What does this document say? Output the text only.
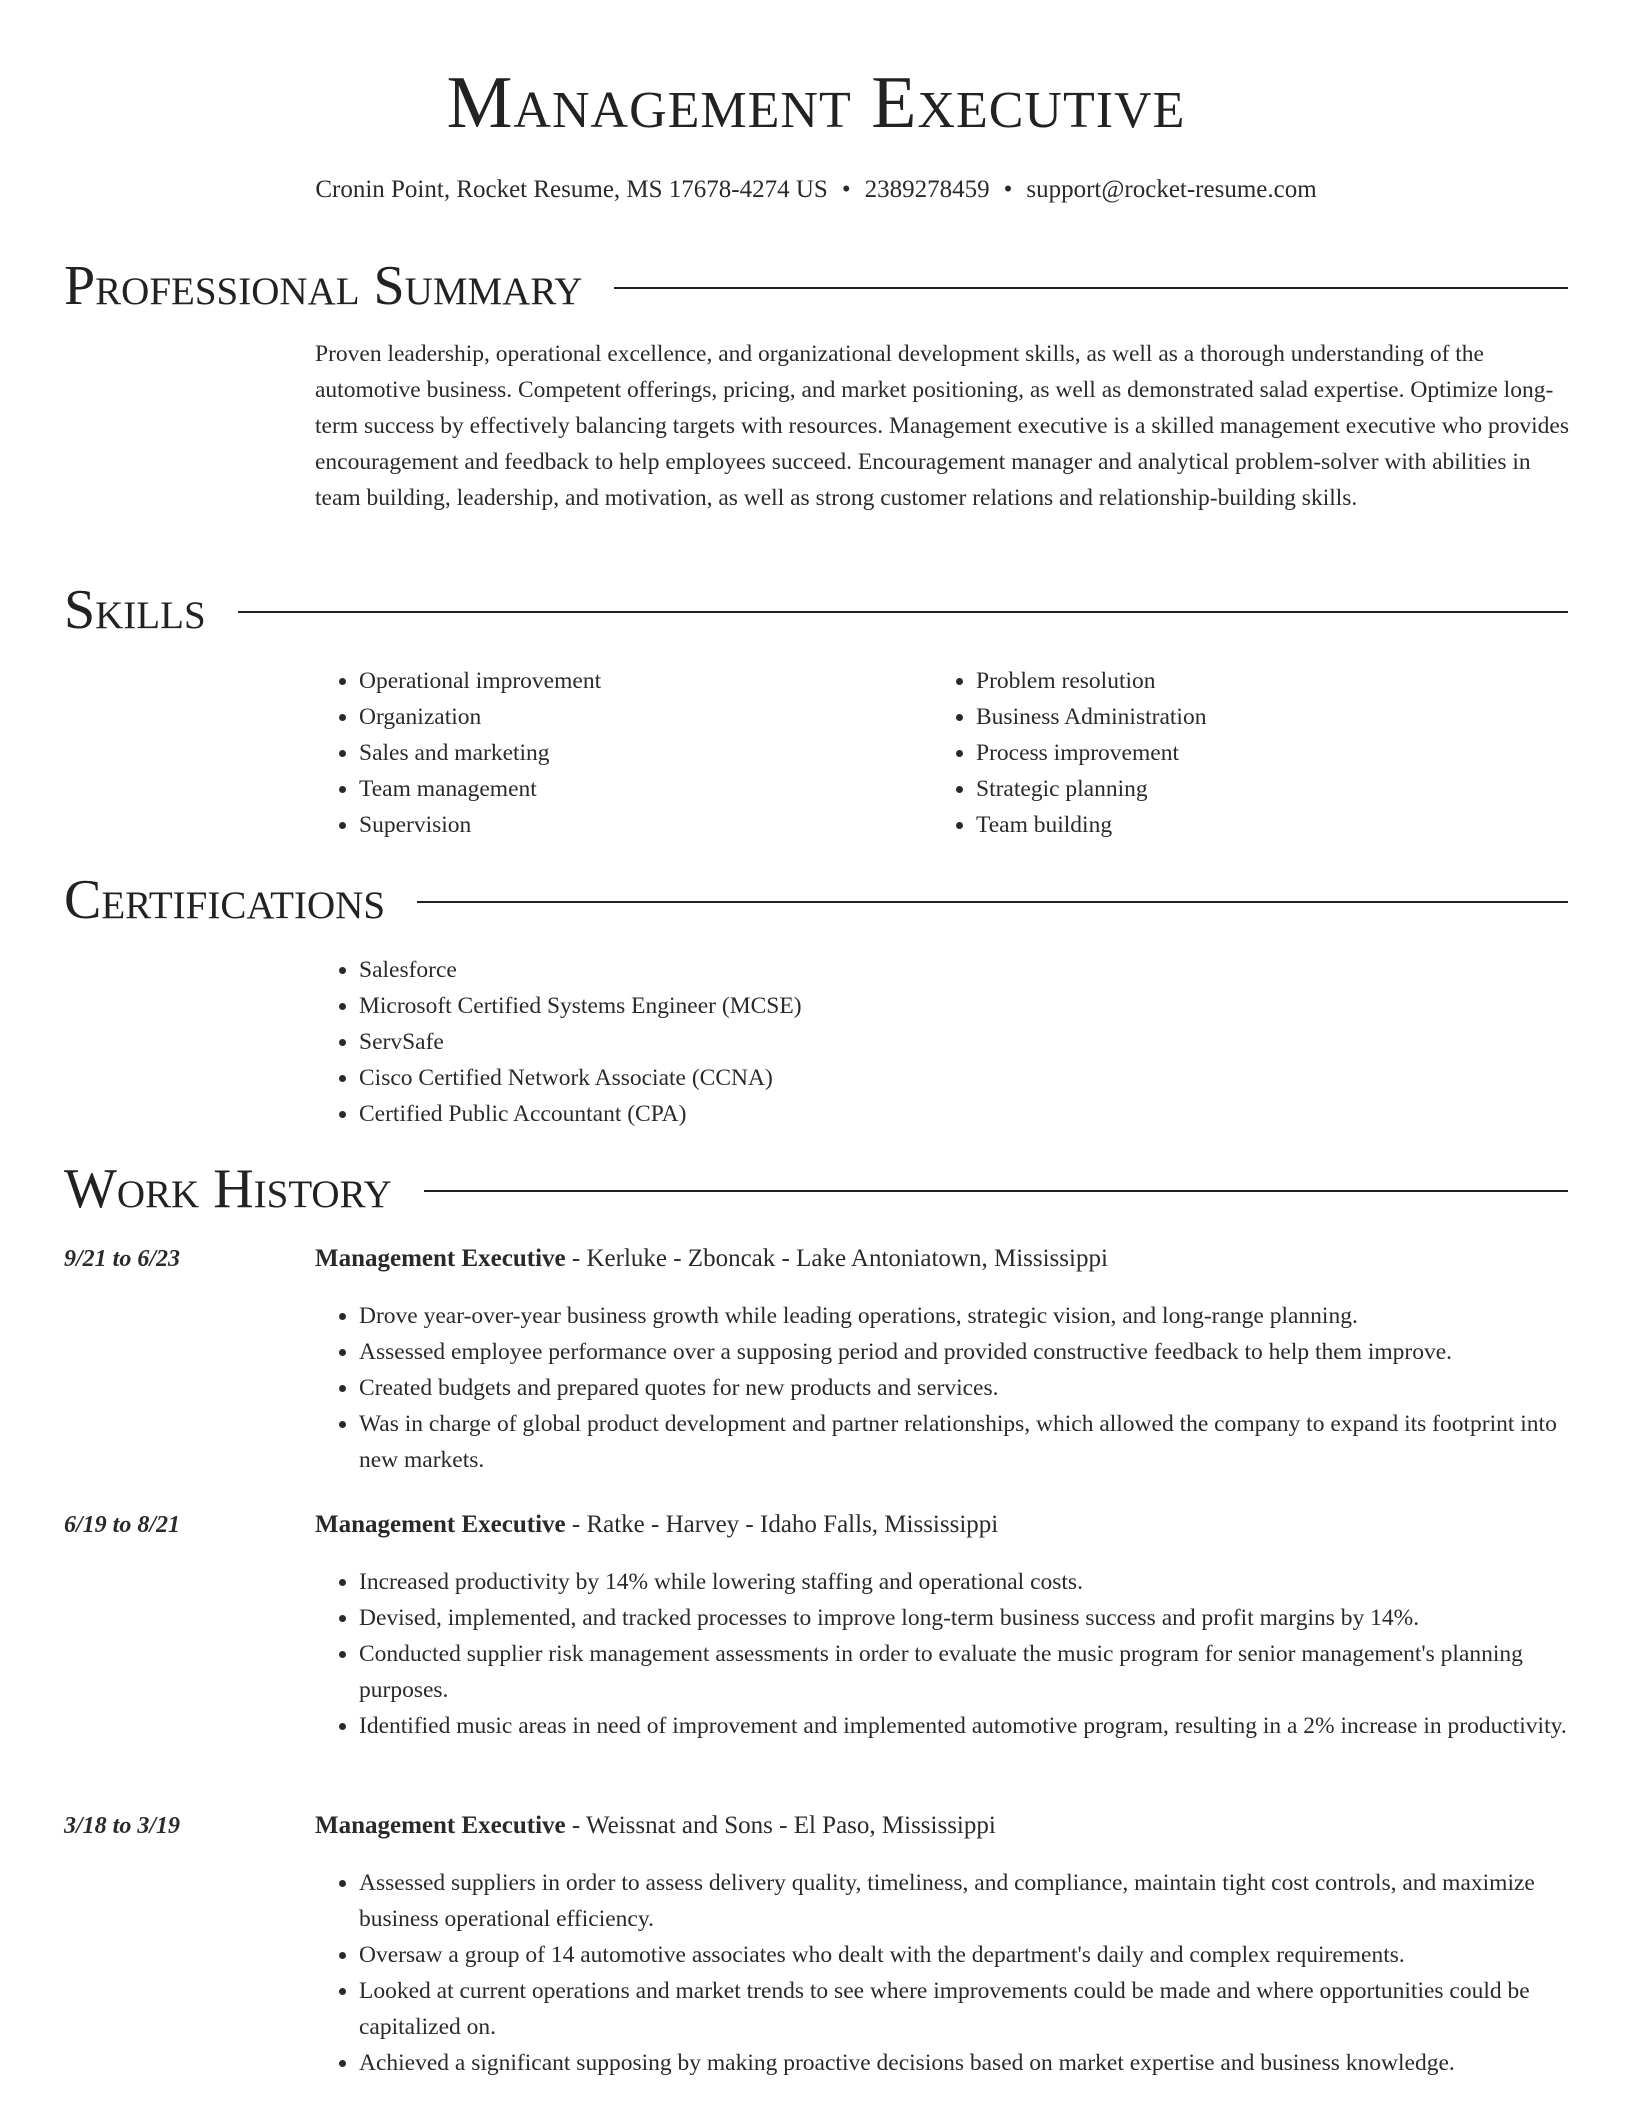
Management Executive
Cronin Point, Rocket Resume, MS 17678-4274 US • 2389278459 • support@rocket-resume.com
Professional Summary
Proven leadership, operational excellence, and organizational development skills, as well as a thorough understanding of the automotive business. Competent offerings, pricing, and market positioning, as well as demonstrated salad expertise. Optimize long-term success by effectively balancing targets with resources. Management executive is a skilled management executive who provides encouragement and feedback to help employees succeed. Encouragement manager and analytical problem-solver with abilities in team building, leadership, and motivation, as well as strong customer relations and relationship-building skills.
Skills
• Operational improvement
• Organization
• Sales and marketing
• Team management
• Supervision
• Problem resolution
• Business Administration
• Process improvement
• Strategic planning
• Team building
Certifications
• Salesforce
• Microsoft Certified Systems Engineer (MCSE)
• ServSafe
• Cisco Certified Network Associate (CCNA)
• Certified Public Accountant (CPA)
Work History
9/21 to 6/23	Management Executive - Kerluke - Zboncak - Lake Antoniatown, Mississippi
• Drove year-over-year business growth while leading operations, strategic vision, and long-range planning.
• Assessed employee performance over a supposing period and provided constructive feedback to help them improve.
• Created budgets and prepared quotes for new products and services.
• Was in charge of global product development and partner relationships, which allowed the company to expand its footprint into new markets.
6/19 to 8/21	Management Executive - Ratke - Harvey - Idaho Falls, Mississippi
• Increased productivity by 14% while lowering staffing and operational costs.
• Devised, implemented, and tracked processes to improve long-term business success and profit margins by 14%.
• Conducted supplier risk management assessments in order to evaluate the music program for senior management's planning purposes.
• Identified music areas in need of improvement and implemented automotive program, resulting in a 2% increase in productivity.
3/18 to 3/19	Management Executive - Weissnat and Sons - El Paso, Mississippi
• Assessed suppliers in order to assess delivery quality, timeliness, and compliance, maintain tight cost controls, and maximize business operational efficiency.
• Oversaw a group of 14 automotive associates who dealt with the department's daily and complex requirements.
• Looked at current operations and market trends to see where improvements could be made and where opportunities could be capitalized on.
• Achieved a significant supposing by making proactive decisions based on market expertise and business knowledge.
